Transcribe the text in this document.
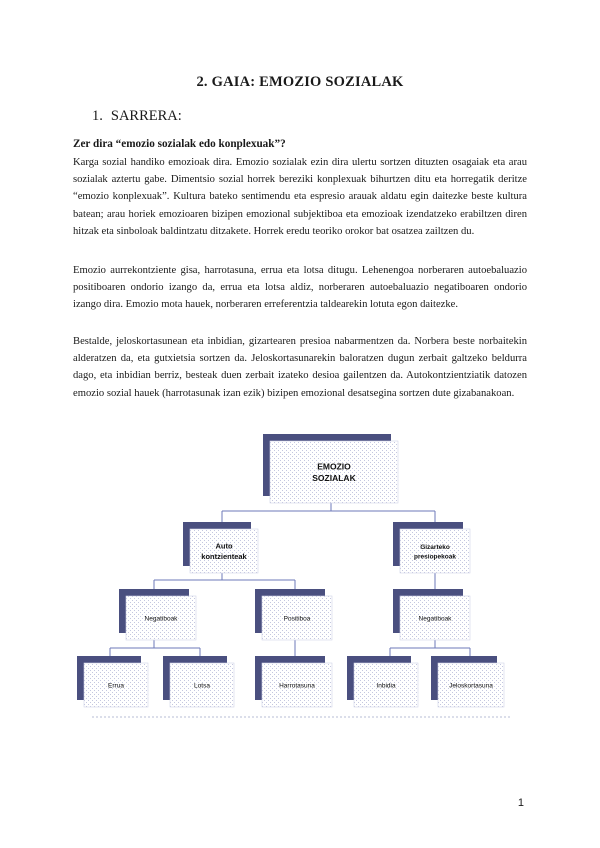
2. GAIA: EMOZIO SOZIALAK
1. SARRERA:
Zer dira “emozio sozialak edo konplexuak”?

Karga sozial handiko emozioak dira. Emozio sozialak ezin dira ulertu sortzen dituzten osagaiak eta arau sozialak aztertu gabe. Dimentsio sozial horrek bereziki konplexuak bihurtzen ditu eta horregatik deritze “emozio konplexuak”. Kultura bateko sentimendu eta espresio arauak aldatu egin daitezke beste kultura batean; arau horiek emozioaren bizipen emozional subjektiboa eta emozioak izendatzeko erabiltzen diren hitzak eta sinboloak baldintzatu ditzakete. Horrek eredu teoriko orokor bat osatzea zailtzen du.

Emozio aurrekontziente gisa, harrotasuna, errua eta lotsa ditugu. Lehenengoa norberaren autoebaluazio positiboaren ondorio izango da, errua eta lotsa aldiz, norberaren autoebaluazio negatiboaren ondorio izango dira. Emozio mota hauek, norberaren erreferentzia taldearekin lotuta egon daitezke.

Bestalde, jeloskortasunean eta inbidian, gizartearen presioa nabarmentzen da. Norbera beste norbaitekin alderatzen da, eta gutxietsia sortzen da. Jeloskortasunarekin baloratzen dugun zerbait galtzeko beldurra dago, eta inbidian berriz, besteak duen zerbait izateko desioa gailentzen da. Autokontzientziatik datozen emozio sozial hauek (harrotasunak izan ezik) bizipen emozional desatsegina sortzen dute gizabanakoan.

EMOZIO
SOZIALAK
Auto
kontzienteak
Gizarteko
presiopekoak
Negatiboak	Positiboa	Negatiboak
Errua	Lotsa	Harrotasuna	Inbidia	Jeloskortasuna
1
